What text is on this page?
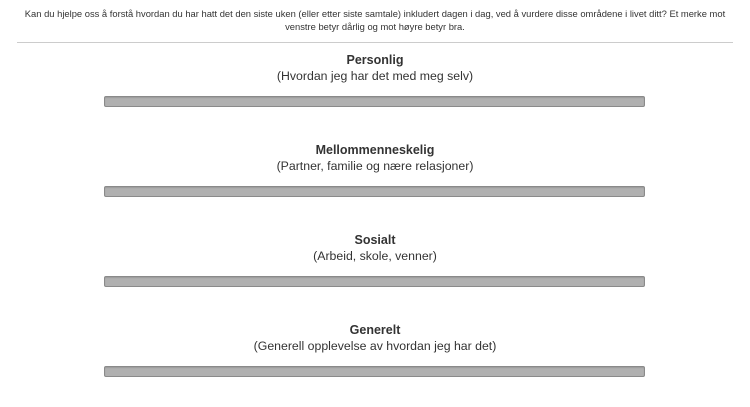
Kan du hjelpe oss å forstå hvordan du har hatt det den siste uken (eller etter siste samtale) inkludert dagen i dag, ved å vurdere disse områdene i livet ditt? Et merke mot venstre betyr dårlig og mot høyre betyr bra.
Personlig
(Hvordan jeg har det med meg selv)
Mellommenneskelig
(Partner, familie og nære relasjoner)
Sosialt
(Arbeid, skole, venner)
Generelt
(Generell opplevelse av hvordan jeg har det)
